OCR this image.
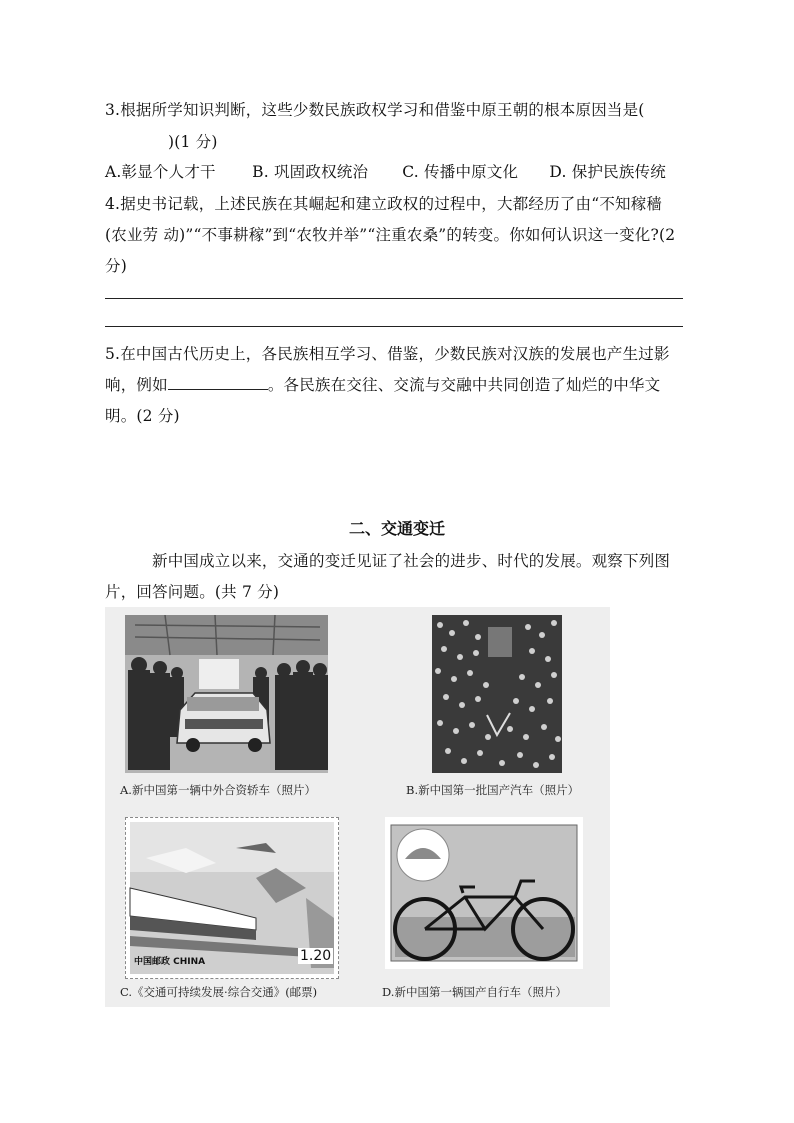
3.根据所学知识判断，这些少数民族政权学习和借鉴中原王朝的根本原因当是(
)(1 分)
A.彰显个人才干 B. 巩固政权统治 C. 传播中原文化 D. 保护民族传统
4.据史书记载，上述民族在其崛起和建立政权的过程中，大都经历了由“不知稼穑
(农业劳 动)”“不事耕稼”到“农牧并举”“注重农桑”的转变。你如何认识这一变化?(2
分)
5.在中国古代历史上，各民族相互学习、借鉴，少数民族对汉族的发展也产生过影
响，例如	。各民族在交往、交流与交融中共同创造了灿烂的中华文
明。(2 分)
二、交通变迁
新中国成立以来，交通的变迁见证了社会的进步、时代的发展。观察下列图
片，回答问题。(共 7 分)
A.新中国第一辆中外合资轿车（照片）	B.新中国第一批国产汽车（照片）
中国邮政 CHINA	1.20
C.《交通可持续发展·综合交通》(邮票)	D.新中国第一辆国产自行车（照片）
